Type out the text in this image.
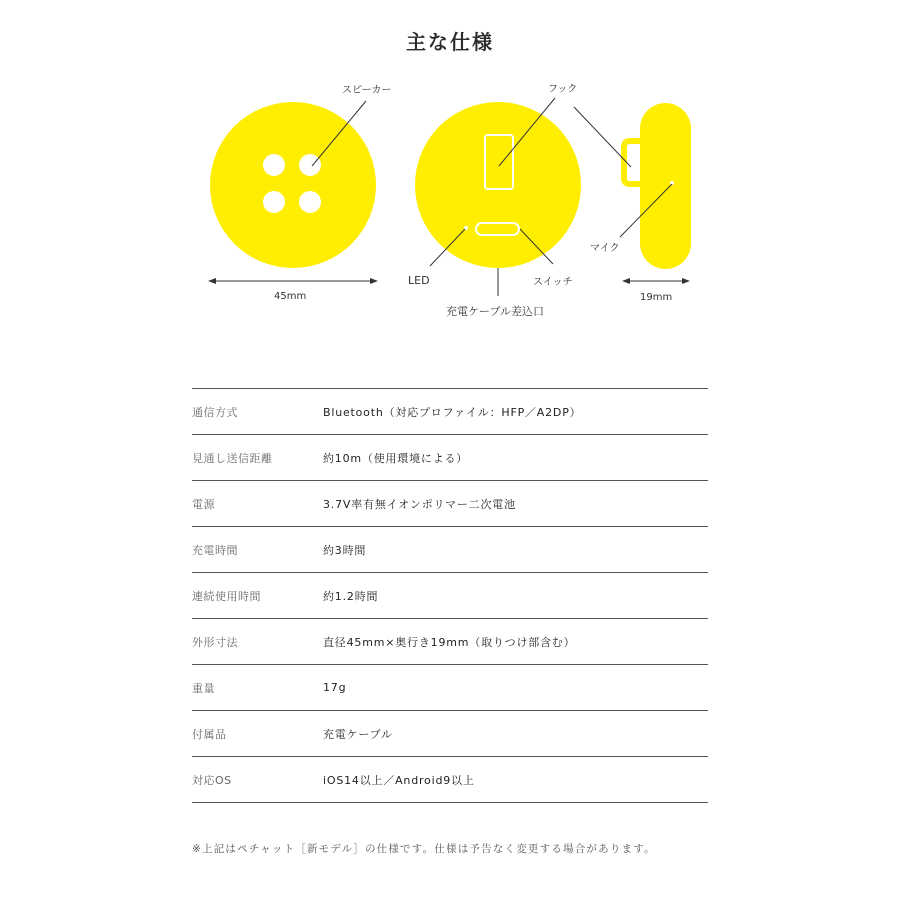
主な仕様
スピーカー
45mm
フック
LED	スイッチ
充電ケーブル差込口
マイク
19mm
通信方式	Bluetooth（対応プロファイル：HFP／A2DP）
見通し送信距離	約10m（使用環境による）
電源	3.7V率有無イオンポリマー二次電池
充電時間	約3時間
連続使用時間	約1.2時間
外形寸法	直径45mm×奥行き19mm（取りつけ部含む）
重量	17g
付属品	充電ケーブル
対応OS	iOS14以上／Android9以上

※上記はペチャット［新モデル］の仕様です。仕様は予告なく変更する場合があります。
